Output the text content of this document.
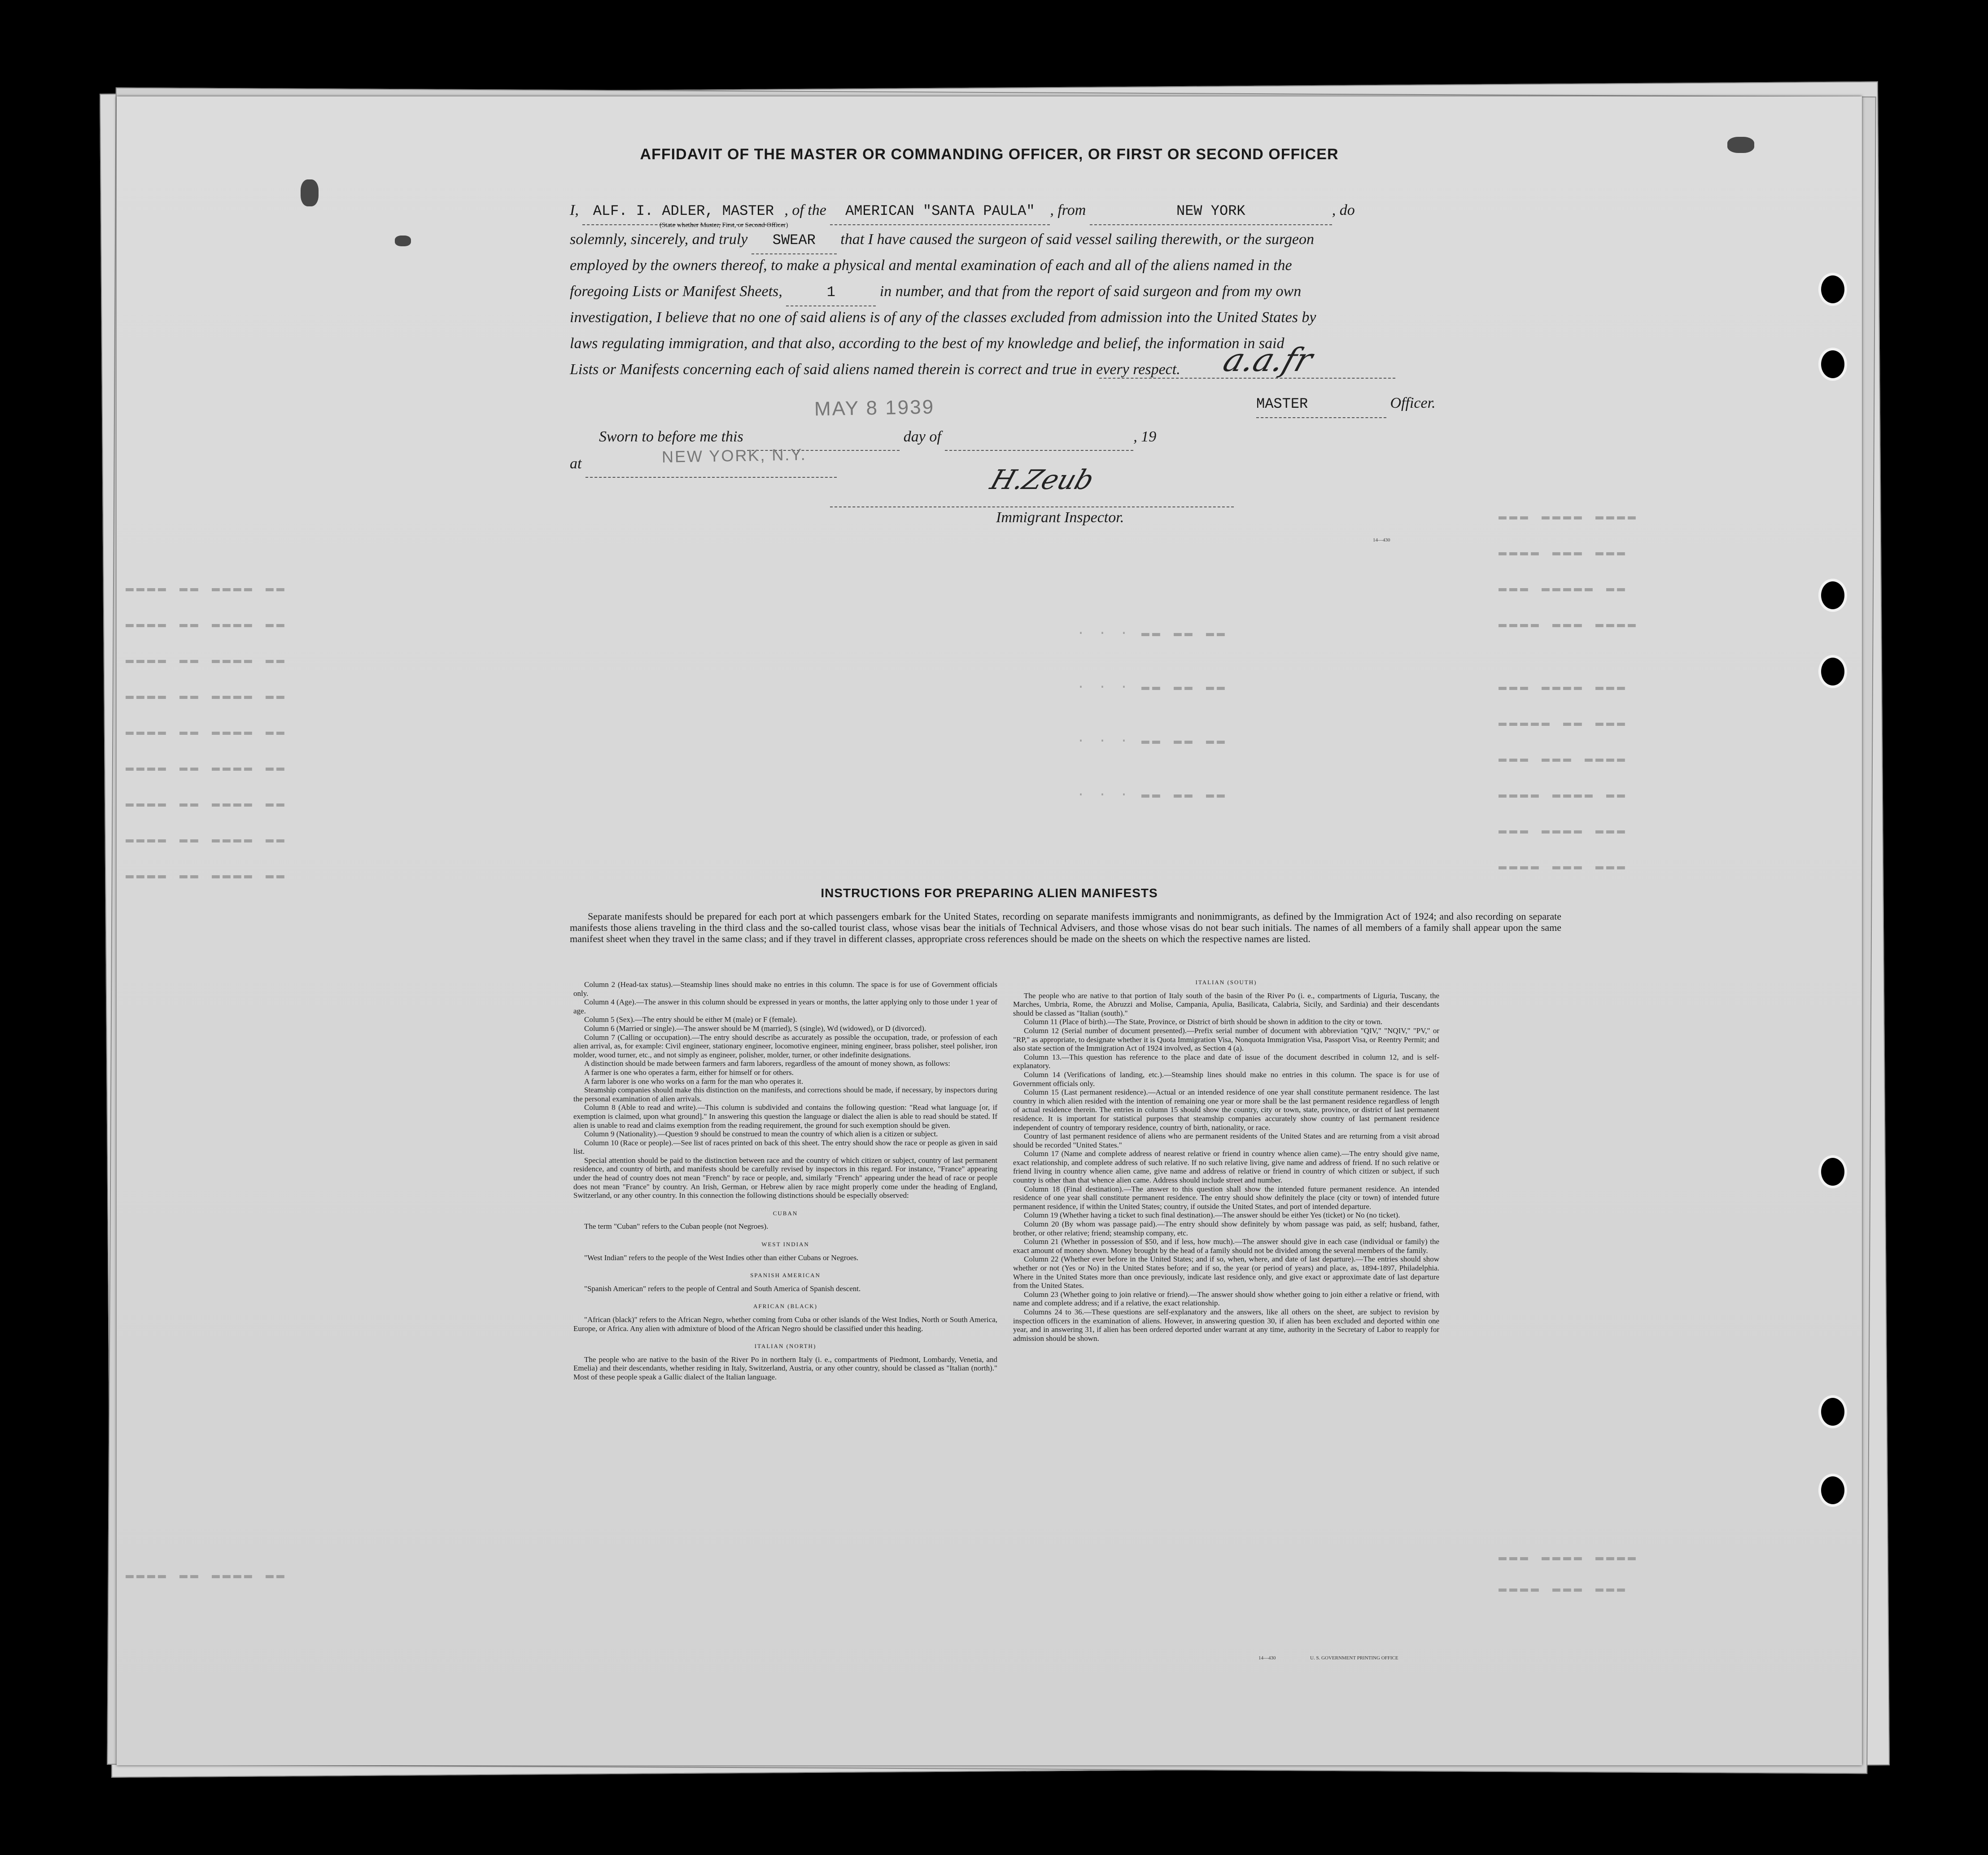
▬▬▬ ▬▬▬▬ ▬▬▬▬
▬▬▬▬ ▬▬▬ ▬▬▬
▬▬▬ ▬▬▬▬▬ ▬▬
▬▬▬▬ ▬▬▬ ▬▬▬▬
▬▬▬ ▬▬▬▬ ▬▬▬
▬▬▬▬▬ ▬▬ ▬▬▬
▬▬▬ ▬▬▬ ▬▬▬▬
▬▬▬▬ ▬▬▬▬ ▬▬
▬▬▬ ▬▬▬▬ ▬▬▬
▬▬▬▬ ▬▬▬ ▬▬▬
▬▬▬▬ ▬▬ ▬▬▬▬ ▬▬
▬▬▬▬ ▬▬ ▬▬▬▬ ▬▬
▬▬▬▬ ▬▬ ▬▬▬▬ ▬▬
▬▬▬▬ ▬▬ ▬▬▬▬ ▬▬
▬▬▬▬ ▬▬ ▬▬▬▬ ▬▬
▬▬▬▬ ▬▬ ▬▬▬▬ ▬▬
▬▬▬▬ ▬▬ ▬▬▬▬ ▬▬
▬▬▬▬ ▬▬ ▬▬▬▬ ▬▬
▬▬▬▬ ▬▬ ▬▬▬▬ ▬▬
· · · ▬▬ ▬▬ ▬▬
· · · ▬▬ ▬▬ ▬▬
· · · ▬▬ ▬▬ ▬▬
· · · ▬▬ ▬▬ ▬▬
▬▬▬ ▬▬▬▬ ▬▬▬▬
▬▬▬▬ ▬▬▬ ▬▬▬
▬▬▬▬ ▬▬ ▬▬▬▬ ▬▬
AFFIDAVIT OF THE MASTER OR COMMANDING OFFICER, OR FIRST OR SECOND OFFICER
I, ALF. I. ADLER, MASTER , of the AMERICAN "SANTA PAULA" , from	NEW YORK	, do
(State whether Master, First, or Second Officer)
solemnly, sincerely, and truly SWEAR that I have caused the surgeon of said vessel sailing therewith, or the surgeon
employed by the owners thereof, to make a physical and mental examination of each and all of the aliens named in the
foregoing Lists or Manifest Sheets,	1	in number, and that from the report of said surgeon and from my own
investigation, I believe that no one of said aliens is of any of the classes excluded from admission into the United States by
laws regulating immigration, and that also, according to the best of my knowledge and belief, the information in said
Lists or Manifests concerning each of said aliens named therein is correct and true in every respect.	a.a.fr
MASTER	Officer.
MAY 8 1939
Sworn to before me this	day of	, 19
NEW YORK, N.Y.
at
H.Zeub
Immigrant Inspector.
14—430
INSTRUCTIONS FOR PREPARING ALIEN MANIFESTS
Separate manifests should be prepared for each port at which passengers embark for the United States, recording on separate manifests immigrants and nonimmigrants, as defined by the Immigration Act of 1924; and also recording on separate manifests those aliens traveling in the third class and the so-called tourist class, whose visas bear the initials of Technical Advisers, and those whose visas do not bear such initials. The names of all members of a family shall appear upon the same manifest sheet when they travel in the same class; and if they travel in different classes, appropriate cross references should be made on the sheets on which the respective names are listed.

Column 2 (Head-tax status).—Steamship lines should make no entries in this column. The space is for use of Government officials only.

Column 4 (Age).—The answer in this column should be expressed in years or months, the latter applying only to those under 1 year of age.

Column 5 (Sex).—The entry should be either M (male) or F (female).

Column 6 (Married or single).—The answer should be M (married), S (single), Wd (widowed), or D (divorced).

Column 7 (Calling or occupation).—The entry should describe as accurately as possible the occupation, trade, or profession of each alien arrival, as, for example: Civil engineer, stationary engineer, locomotive engineer, mining engineer, brass polisher, steel polisher, iron molder, wood turner, etc., and not simply as engineer, polisher, molder, turner, or other indefinite designations.

A distinction should be made between farmers and farm laborers, regardless of the amount of money shown, as follows:

A farmer is one who operates a farm, either for himself or for others.

A farm laborer is one who works on a farm for the man who operates it.

Steamship companies should make this distinction on the manifests, and corrections should be made, if necessary, by inspectors during the personal examination of alien arrivals.

Column 8 (Able to read and write).—This column is subdivided and contains the following question: "Read what language [or, if exemption is claimed, upon what ground]." In answering this question the language or dialect the alien is able to read should be stated. If alien is unable to read and claims exemption from the reading requirement, the ground for such exemption should be given.

Column 9 (Nationality).—Question 9 should be construed to mean the country of which alien is a citizen or subject.

Column 10 (Race or people).—See list of races printed on back of this sheet. The entry should show the race or people as given in said list.

Special attention should be paid to the distinction between race and the country of which citizen or subject, country of last permanent residence, and country of birth, and manifests should be carefully revised by inspectors in this regard. For instance, "France" appearing under the head of country does not mean "French" by race or people, and, similarly "French" appearing under the head of race or people does not mean "France" by country. An Irish, German, or Hebrew alien by race might properly come under the heading of England, Switzerland, or any other country. In this connection the following distinctions should be especially observed:

CUBAN

The term "Cuban" refers to the Cuban people (not Negroes).

WEST INDIAN

"West Indian" refers to the people of the West Indies other than either Cubans or Negroes.

SPANISH AMERICAN

"Spanish American" refers to the people of Central and South America of Spanish descent.

AFRICAN (BLACK)

"African (black)" refers to the African Negro, whether coming from Cuba or other islands of the West Indies, North or South America, Europe, or Africa. Any alien with admixture of blood of the African Negro should be classified under this heading.

ITALIAN (NORTH)

The people who are native to the basin of the River Po in northern Italy (i. e., compartments of Piedmont, Lombardy, Venetia, and Emelia) and their descendants, whether residing in Italy, Switzerland, Austria, or any other country, should be classed as "Italian (north)." Most of these people speak a Gallic dialect of the Italian language.

ITALIAN (SOUTH)

The people who are native to that portion of Italy south of the basin of the River Po (i. e., compartments of Liguria, Tuscany, the Marches, Umbria, Rome, the Abruzzi and Molise, Campania, Apulia, Basilicata, Calabria, Sicily, and Sardinia) and their descendants should be classed as "Italian (south)."

Column 11 (Place of birth).—The State, Province, or District of birth should be shown in addition to the city or town.

Column 12 (Serial number of document presented).—Prefix serial number of document with abbreviation "QIV," "NQIV," "PV," or "RP," as appropriate, to designate whether it is Quota Immigration Visa, Nonquota Immigration Visa, Passport Visa, or Reentry Permit; and also state section of the Immigration Act of 1924 involved, as Section 4 (a).

Column 13.—This question has reference to the place and date of issue of the document described in column 12, and is self-explanatory.

Column 14 (Verifications of landing, etc.).—Steamship lines should make no entries in this column. The space is for use of Government officials only.

Column 15 (Last permanent residence).—Actual or an intended residence of one year shall constitute permanent residence. The last country in which alien resided with the intention of remaining one year or more shall be the last permanent residence regardless of length of actual residence therein. The entries in column 15 should show the country, city or town, state, province, or district of last permanent residence. It is important for statistical purposes that steamship companies accurately show country of last permanent residence independent of country of temporary residence, country of birth, nationality, or race.

Country of last permanent residence of aliens who are permanent residents of the United States and are returning from a visit abroad should be recorded "United States."

Column 17 (Name and complete address of nearest relative or friend in country whence alien came).—The entry should give name, exact relationship, and complete address of such relative. If no such relative living, give name and address of friend. If no such relative or friend living in country whence alien came, give name and address of relative or friend in country of which citizen or subject, if such country is other than that whence alien came. Address should include street and number.

Column 18 (Final destination).—The answer to this question shall show the intended future permanent residence. An intended residence of one year shall constitute permanent residence. The entry should show definitely the place (city or town) of intended future permanent residence, if within the United States; country, if outside the United States, and port of intended departure.

Column 19 (Whether having a ticket to such final destination).—The answer should be either Yes (ticket) or No (no ticket).

Column 20 (By whom was passage paid).—The entry should show definitely by whom passage was paid, as self; husband, father, brother, or other relative; friend; steamship company, etc.

Column 21 (Whether in possession of $50, and if less, how much).—The answer should give in each case (individual or family) the exact amount of money shown. Money brought by the head of a family should not be divided among the several members of the family.

Column 22 (Whether ever before in the United States; and if so, when, where, and date of last departure).—The entries should show whether or not (Yes or No) in the United States before; and if so, the year (or period of years) and place, as, 1894-1897, Philadelphia. Where in the United States more than once previously, indicate last residence only, and give exact or approximate date of last departure from the United States.

Column 23 (Whether going to join relative or friend).—The answer should show whether going to join either a relative or friend, with name and complete address; and if a relative, the exact relationship.

Columns 24 to 36.—These questions are self-explanatory and the answers, like all others on the sheet, are subject to revision by inspection officers in the examination of aliens. However, in answering question 30, if alien has been excluded and deported within one year, and in answering 31, if alien has been ordered deported under warrant at any time, authority in the Secretary of Labor to reapply for admission should be shown.

14—430	U. S. GOVERNMENT PRINTING OFFICE
